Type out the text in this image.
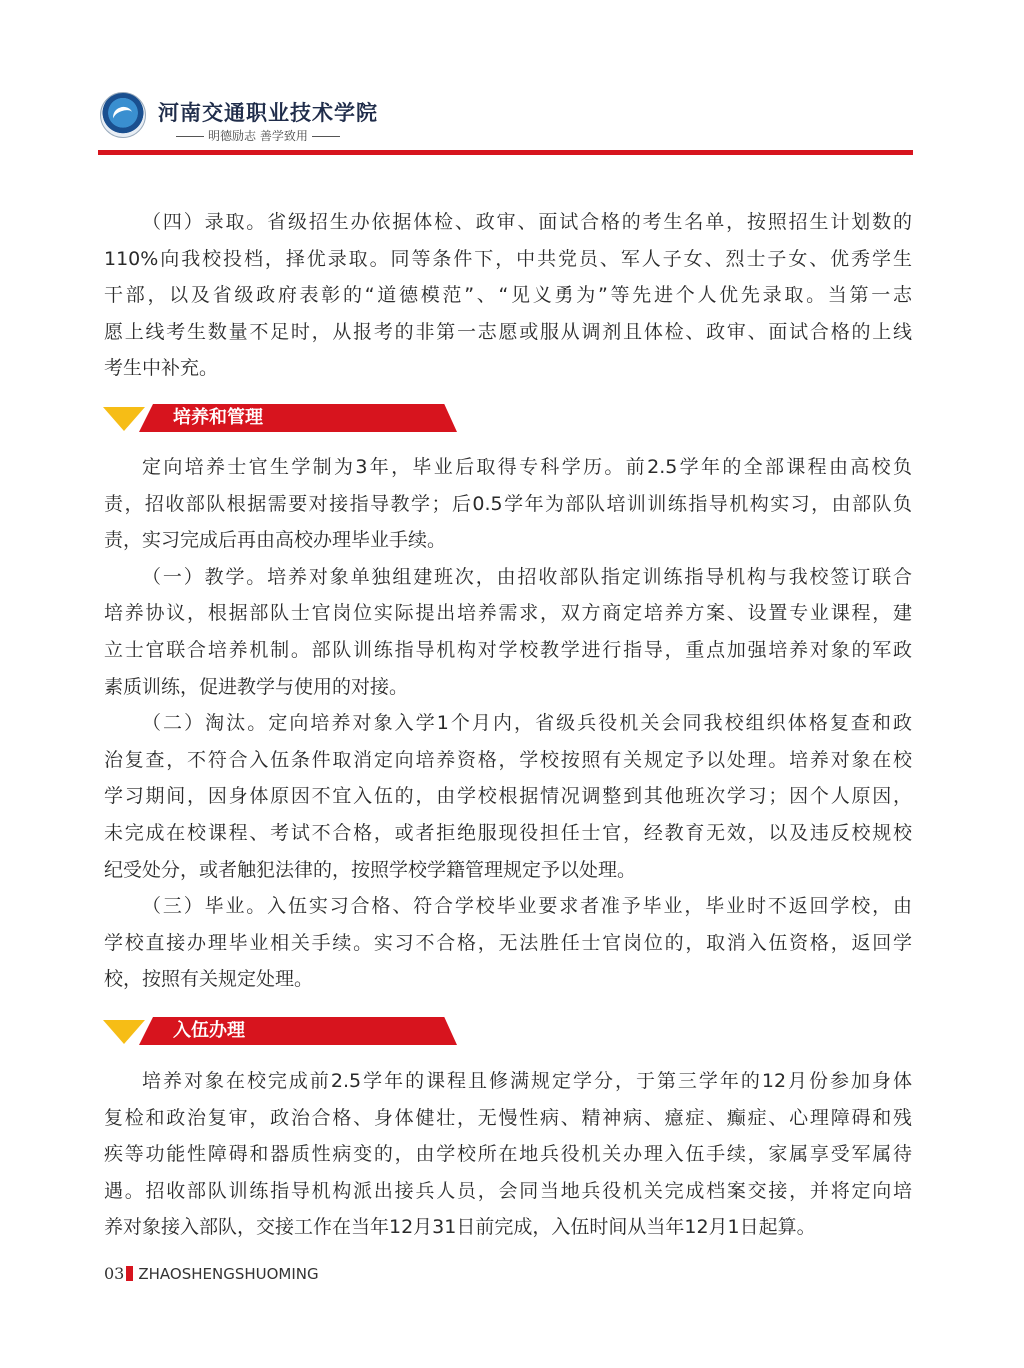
河南交通职业技术学院
明德励志 善学致用
（四）录取。省级招生办依据体检、政审、面试合格的考生名单，按照招生计划数的
110%向我校投档，择优录取。同等条件下，中共党员、军人子女、烈士子女、优秀学生
干部，以及省级政府表彰的“道德模范”、“见义勇为”等先进个人优先录取。当第一志
愿上线考生数量不足时，从报考的非第一志愿或服从调剂且体检、政审、面试合格的上线
考生中补充。
培养和管理
定向培养士官生学制为3年，毕业后取得专科学历。前2.5学年的全部课程由高校负
责，招收部队根据需要对接指导教学；后0.5学年为部队培训训练指导机构实习，由部队负
责，实习完成后再由高校办理毕业手续。
（一）教学。培养对象单独组建班次，由招收部队指定训练指导机构与我校签订联合
培养协议，根据部队士官岗位实际提出培养需求，双方商定培养方案、设置专业课程，建
立士官联合培养机制。部队训练指导机构对学校教学进行指导，重点加强培养对象的军政
素质训练，促进教学与使用的对接。
（二）淘汰。定向培养对象入学1个月内，省级兵役机关会同我校组织体格复查和政
治复查，不符合入伍条件取消定向培养资格，学校按照有关规定予以处理。培养对象在校
学习期间，因身体原因不宜入伍的，由学校根据情况调整到其他班次学习；因个人原因，
未完成在校课程、考试不合格，或者拒绝服现役担任士官，经教育无效，以及违反校规校
纪受处分，或者触犯法律的，按照学校学籍管理规定予以处理。
（三）毕业。入伍实习合格、符合学校毕业要求者准予毕业，毕业时不返回学校，由
学校直接办理毕业相关手续。实习不合格，无法胜任士官岗位的，取消入伍资格，返回学
校，按照有关规定处理。
入伍办理
培养对象在校完成前2.5学年的课程且修满规定学分，于第三学年的12月份参加身体
复检和政治复审，政治合格、身体健壮，无慢性病、精神病、癔症、癫症、心理障碍和残
疾等功能性障碍和器质性病变的，由学校所在地兵役机关办理入伍手续，家属享受军属待
遇。招收部队训练指导机构派出接兵人员，会同当地兵役机关完成档案交接，并将定向培
养对象接入部队，交接工作在当年12月31日前完成，入伍时间从当年12月1日起算。
03 ZHAOSHENGSHUOMING
